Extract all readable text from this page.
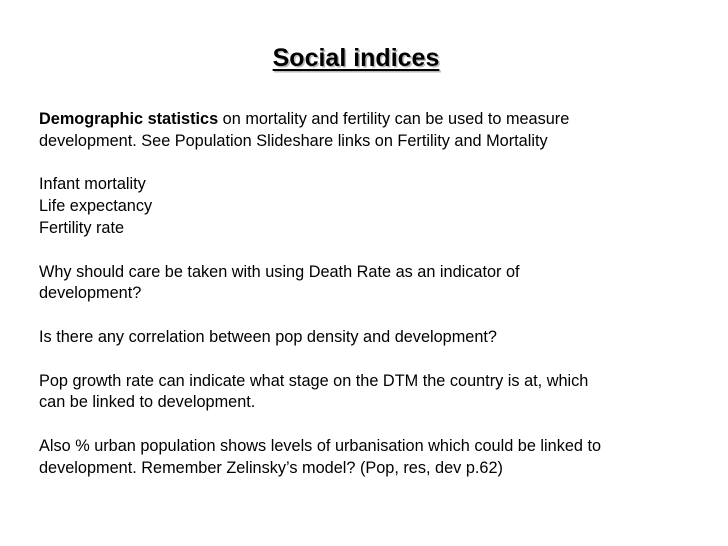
Social indices

Demographic statistics on mortality and fertility can be used to measure
development. See Population Slideshare links on Fertility and Mortality

Infant mortality
Life expectancy
Fertility rate

Why should care be taken with using Death Rate as an indicator of
development?

Is there any correlation between pop density and development?

Pop growth rate can indicate what stage on the DTM the country is at, which
can be linked to development.

Also % urban population shows levels of urbanisation which could be linked to
development. Remember Zelinsky’s model? (Pop, res, dev p.62)
